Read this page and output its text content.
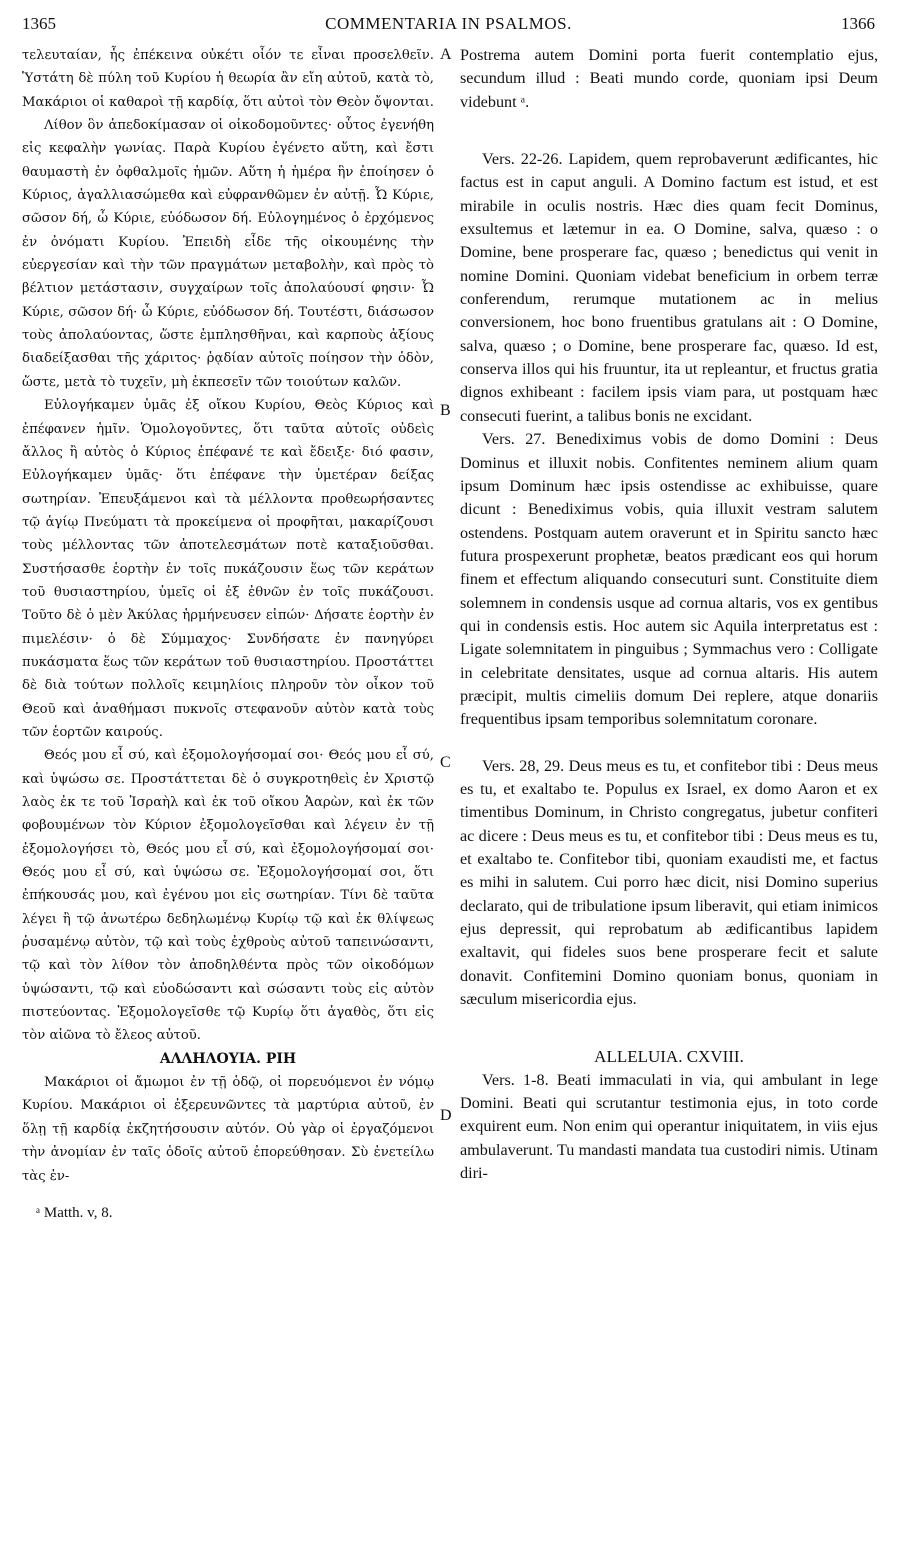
1365	COMMENTARIA IN PSALMOS.	1366

τελευταίαν, ἧς ἐπέκεινα οὐκέτι οἷόν τε εἶναι προσελθεῖν. Ὑστάτη δὲ πύλη τοῦ Κυρίου ἡ θεωρία ἂν εἴη αὐτοῦ, κατὰ τὸ, Μακάριοι οἱ καθαροὶ τῇ καρδίᾳ, ὅτι αὐτοὶ τὸν Θεὸν ὄψονται.

Λίθον ὃν ἀπεδοκίμασαν οἱ οἰκοδομοῦντες· οὗτος ἐγενήθη εἰς κεφαλὴν γωνίας. Παρὰ Κυρίου ἐγένετο αὕτη, καὶ ἔστι θαυμαστὴ ἐν ὀφθαλμοῖς ἡμῶν. Αὕτη ἡ ἡμέρα ἣν ἐποίησεν ὁ Κύριος, ἀγαλλιασώμεθα καὶ εὐφρανθῶμεν ἐν αὐτῇ. Ὦ Κύριε, σῶσον δή, ὦ Κύριε, εὐόδωσον δή. Εὐλογημένος ὁ ἐρχόμενος ἐν ὀνόματι Κυρίου. Ἐπειδὴ εἶδε τῆς οἰκουμένης τὴν εὐεργεσίαν καὶ τὴν τῶν πραγμάτων μεταβολὴν, καὶ πρὸς τὸ βέλτιον μετάστασιν, συγχαίρων τοῖς ἀπολαύουσί φησιν· Ὦ Κύριε, σῶσον δή· ὦ Κύριε, εὐόδωσον δή. Τουτέστι, διάσωσον τοὺς ἀπολαύοντας, ὥστε ἐμπλησθῆναι, καὶ καρποὺς ἀξίους διαδείξασθαι τῆς χάριτος· ῥᾳδίαν αὐτοῖς ποίησον τὴν ὁδὸν, ὥστε, μετὰ τὸ τυχεῖν, μὴ ἐκπεσεῖν τῶν τοιούτων καλῶν.

Εὐλογήκαμεν ὑμᾶς ἐξ οἴκου Κυρίου, Θεὸς Κύριος καὶ ἐπέφανεν ἡμῖν. Ὁμολογοῦντες, ὅτι ταῦτα αὐτοῖς οὐδεὶς ἄλλος ἢ αὐτὸς ὁ Κύριος ἐπέφανέ τε καὶ ἔδειξε· διό φασιν, Εὐλογήκαμεν ὑμᾶς· ὅτι ἐπέφανε τὴν ὑμετέραν δείξας σωτηρίαν. Ἐπευξάμενοι καὶ τὰ μέλλοντα προθεωρήσαντες τῷ ἁγίῳ Πνεύματι τὰ προκείμενα οἱ προφῆται, μακαρίζουσι τοὺς μέλλοντας τῶν ἀποτελεσμάτων ποτὲ καταξιοῦσθαι. Συστήσασθε ἑορτὴν ἐν τοῖς πυκάζουσιν ἕως τῶν κεράτων τοῦ θυσιαστηρίου, ὑμεῖς οἱ ἐξ ἐθνῶν ἐν τοῖς πυκάζουσι. Τοῦτο δὲ ὁ μὲν Ἀκύλας ἡρμήνευσεν εἰπών· Δήσατε ἑορτὴν ἐν πιμελέσιν· ὁ δὲ Σύμμαχος· Συνδήσατε ἐν πανηγύρει πυκάσματα ἕως τῶν κεράτων τοῦ θυσιαστηρίου. Προστάττει δὲ διὰ τούτων πολλοῖς κειμηλίοις πληροῦν τὸν οἶκον τοῦ Θεοῦ καὶ ἀναθήμασι πυκνοῖς στεφανοῦν αὐτὸν κατὰ τοὺς τῶν ἑορτῶν καιρούς.

Θεός μου εἶ σύ, καὶ ἐξομολογήσομαί σοι· Θεός μου εἶ σύ, καὶ ὑψώσω σε. Προστάττεται δὲ ὁ συγκροτηθεὶς ἐν Χριστῷ λαὸς ἐκ τε τοῦ Ἰσραὴλ καὶ ἐκ τοῦ οἴκου Ἀαρὼν, καὶ ἐκ τῶν φοβουμένων τὸν Κύριον ἐξομολογεῖσθαι καὶ λέγειν ἐν τῇ ἐξομολογήσει τὸ, Θεός μου εἶ σύ, καὶ ἐξομολογήσομαί σοι· Θεός μου εἶ σύ, καὶ ὑψώσω σε. Ἐξομολογήσομαί σοι, ὅτι ἐπήκουσάς μου, καὶ ἐγένου μοι εἰς σωτηρίαν. Τίνι δὲ ταῦτα λέγει ἢ τῷ ἀνωτέρω δεδηλωμένῳ Κυρίῳ τῷ καὶ ἐκ θλίψεως ῥυσαμένῳ αὐτὸν, τῷ καὶ τοὺς ἐχθροὺς αὐτοῦ ταπεινώσαντι, τῷ καὶ τὸν λίθον τὸν ἀποδηλθέντα πρὸς τῶν οἰκοδόμων ὑψώσαντι, τῷ καὶ εὐοδώσαντι καὶ σώσαντι τοὺς εἰς αὐτὸν πιστεύοντας. Ἐξομολογεῖσθε τῷ Κυρίῳ ὅτι ἀγαθὸς, ὅτι εἰς τὸν αἰῶνα τὸ ἔλεος αὐτοῦ.

ΑΛΛΗΛΟΥΙΑ. ΡΙΗ

Μακάριοι οἱ ἄμωμοι ἐν τῇ ὁδῷ, οἱ πορευόμενοι ἐν νόμῳ Κυρίου. Μακάριοι οἱ ἐξερευνῶντες τὰ μαρτύρια αὐτοῦ, ἐν ὅλῃ τῇ καρδίᾳ ἐκζητήσουσιν αὐτόν. Οὐ γὰρ οἱ ἐργαζόμενοι τὴν ἀνομίαν ἐν ταῖς ὁδοῖς αὐτοῦ ἐπορεύθησαν. Σὺ ἐνετείλω τὰς ἐν-

ᵃ Matth. v, 8.

A
B
C
D

Postrema autem Domini porta fuerit contemplatio ejus, secundum illud : Beati mundo corde, quoniam ipsi Deum videbunt ᵃ.

Vers. 22-26. Lapidem, quem reprobaverunt ædificantes, hic factus est in caput anguli. A Domino factum est istud, et est mirabile in oculis nostris. Hæc dies quam fecit Dominus, exsultemus et lætemur in ea. O Domine, salva, quæso : o Domine, bene prosperare fac, quæso ; benedictus qui venit in nomine Domini. Quoniam videbat beneficium in orbem terræ conferendum, rerumque mutationem ac in melius conversionem, hoc bono fruentibus gratulans ait : O Domine, salva, quæso ; o Domine, bene prosperare fac, quæso. Id est, conserva illos qui his fruuntur, ita ut repleantur, et fructus gratia dignos exhibeant : facilem ipsis viam para, ut postquam hæc consecuti fuerint, a talibus bonis ne excidant.

Vers. 27. Benediximus vobis de domo Domini : Deus Dominus et illuxit nobis. Confitentes neminem alium quam ipsum Dominum hæc ipsis ostendisse ac exhibuisse, quare dicunt : Benediximus vobis, quia illuxit vestram salutem ostendens. Postquam autem oraverunt et in Spiritu sancto hæc futura prospexerunt prophetæ, beatos prædicant eos qui horum finem et effectum aliquando consecuturi sunt. Constituite diem solemnem in condensis usque ad cornua altaris, vos ex gentibus qui in condensis estis. Hoc autem sic Aquila interpretatus est : Ligate solemnitatem in pinguibus ; Symmachus vero : Colligate in celebritate densitates, usque ad cornua altaris. His autem præcipit, multis cimeliis domum Dei replere, atque donariis frequentibus ipsam temporibus solemnitatum coronare.

Vers. 28, 29. Deus meus es tu, et confitebor tibi : Deus meus es tu, et exaltabo te. Populus ex Israel, ex domo Aaron et ex timentibus Dominum, in Christo congregatus, jubetur confiteri ac dicere : Deus meus es tu, et confitebor tibi : Deus meus es tu, et exaltabo te. Confitebor tibi, quoniam exaudisti me, et factus es mihi in salutem. Cui porro hæc dicit, nisi Domino superius declarato, qui de tribulatione ipsum liberavit, qui etiam inimicos ejus depressit, qui reprobatum ab ædificantibus lapidem exaltavit, qui fideles suos bene prosperare fecit et salute donavit. Confitemini Domino quoniam bonus, quoniam in sæculum misericordia ejus.

ALLELUIA. CXVIII.

Vers. 1-8. Beati immaculati in via, qui ambulant in lege Domini. Beati qui scrutantur testimonia ejus, in toto corde exquirent eum. Non enim qui operantur iniquitatem, in viis ejus ambulaverunt. Tu mandasti mandata tua custodiri nimis. Utinam diri-
